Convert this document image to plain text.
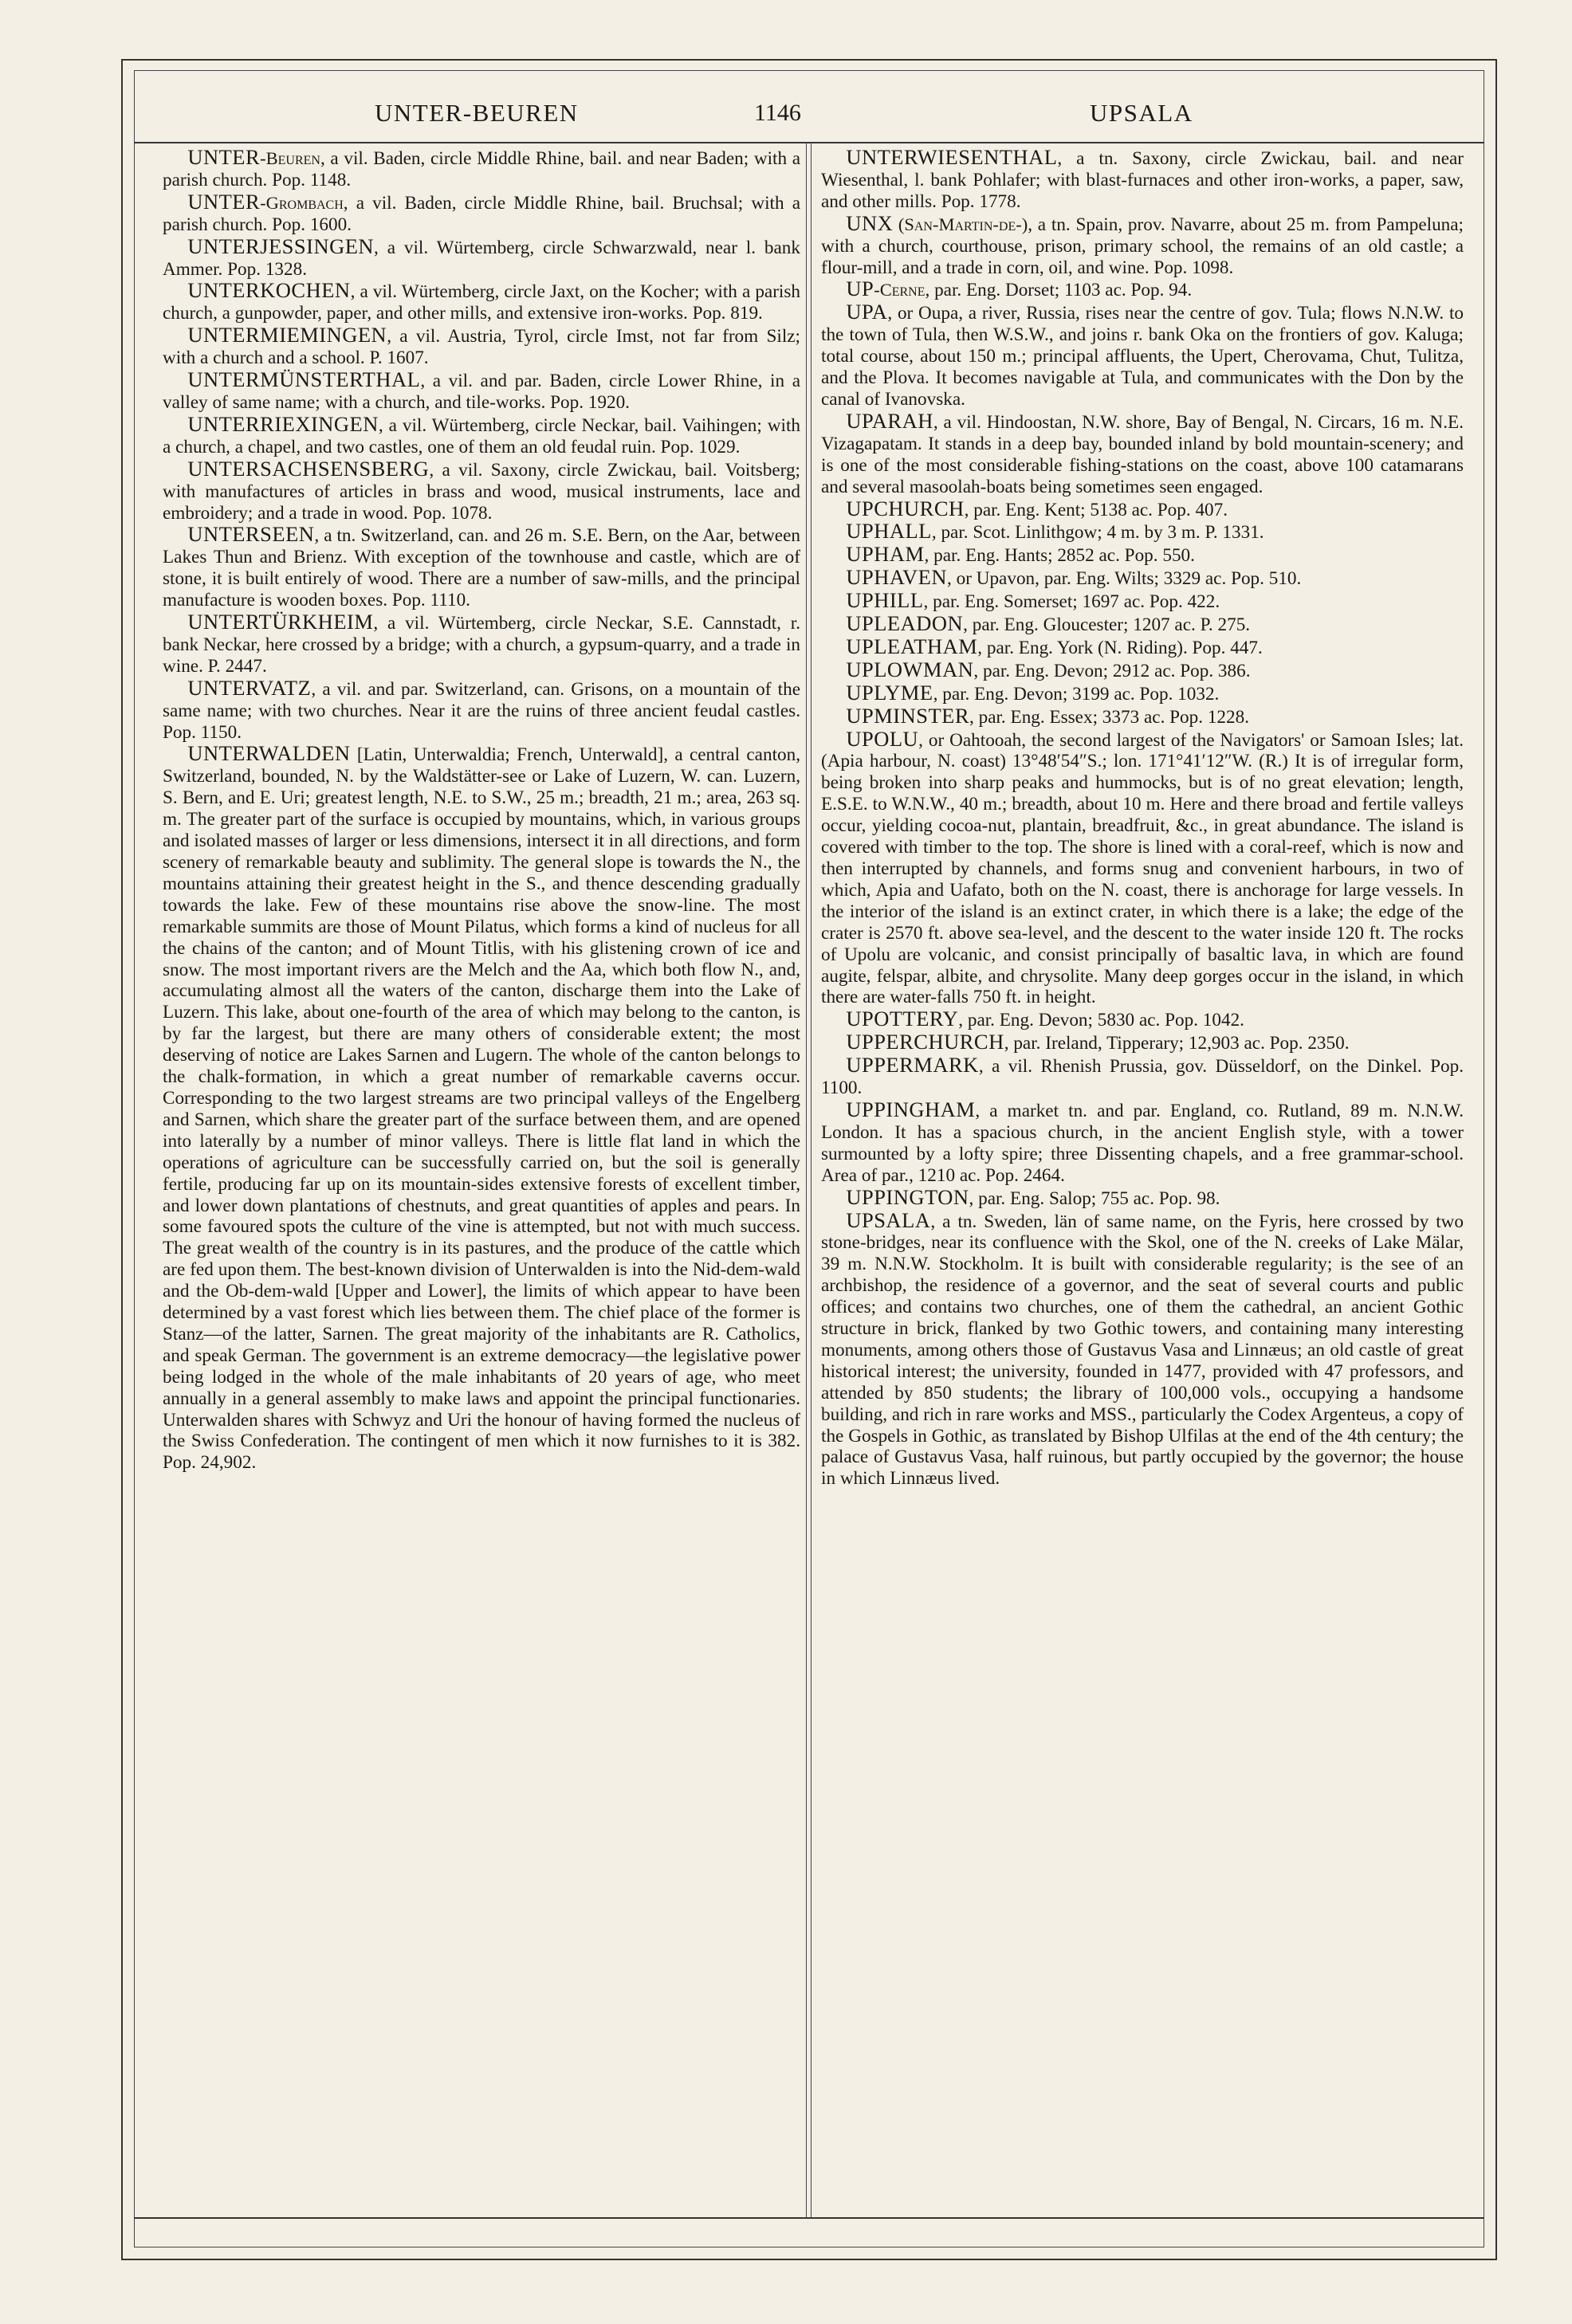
UNTER-BEUREN	1146	UPSALA

UNTER-Beuren, a vil. Baden, circle Middle Rhine, bail. and near Baden; with a parish church. Pop. 1148.

UNTER-Grombach, a vil. Baden, circle Middle Rhine, bail. Bruchsal; with a parish church. Pop. 1600.

UNTERJESSINGEN, a vil. Würtemberg, circle Schwarzwald, near l. bank Ammer. Pop. 1328.

UNTERKOCHEN, a vil. Würtemberg, circle Jaxt, on the Kocher; with a parish church, a gunpowder, paper, and other mills, and extensive iron-works. Pop. 819.

UNTERMIEMINGEN, a vil. Austria, Tyrol, circle Imst, not far from Silz; with a church and a school. P. 1607.

UNTERMÜNSTERTHAL, a vil. and par. Baden, circle Lower Rhine, in a valley of same name; with a church, and tile-works. Pop. 1920.

UNTERRIEXINGEN, a vil. Würtemberg, circle Neckar, bail. Vaihingen; with a church, a chapel, and two castles, one of them an old feudal ruin. Pop. 1029.

UNTERSACHSENSBERG, a vil. Saxony, circle Zwickau, bail. Voitsberg; with manufactures of articles in brass and wood, musical instruments, lace and embroidery; and a trade in wood. Pop. 1078.

UNTERSEEN, a tn. Switzerland, can. and 26 m. S.E. Bern, on the Aar, between Lakes Thun and Brienz. With exception of the townhouse and castle, which are of stone, it is built entirely of wood. There are a number of saw-mills, and the principal manufacture is wooden boxes. Pop. 1110.

UNTERTÜRKHEIM, a vil. Würtemberg, circle Neckar, S.E. Cannstadt, r. bank Neckar, here crossed by a bridge; with a church, a gypsum-quarry, and a trade in wine. P. 2447.

UNTERVATZ, a vil. and par. Switzerland, can. Grisons, on a mountain of the same name; with two churches. Near it are the ruins of three ancient feudal castles. Pop. 1150.

UNTERWALDEN [Latin, Unterwaldia; French, Unterwald], a central canton, Switzerland, bounded, N. by the Waldstätter-see or Lake of Luzern, W. can. Luzern, S. Bern, and E. Uri; greatest length, N.E. to S.W., 25 m.; breadth, 21 m.; area, 263 sq. m. The greater part of the surface is occupied by mountains, which, in various groups and isolated masses of larger or less dimensions, intersect it in all directions, and form scenery of remarkable beauty and sublimity. The general slope is towards the N., the mountains attaining their greatest height in the S., and thence descending gradually towards the lake. Few of these mountains rise above the snow-line. The most remarkable summits are those of Mount Pilatus, which forms a kind of nucleus for all the chains of the canton; and of Mount Titlis, with his glistening crown of ice and snow. The most important rivers are the Melch and the Aa, which both flow N., and, accumulating almost all the waters of the canton, discharge them into the Lake of Luzern. This lake, about one-fourth of the area of which may belong to the canton, is by far the largest, but there are many others of considerable extent; the most deserving of notice are Lakes Sarnen and Lugern. The whole of the canton belongs to the chalk-formation, in which a great number of remarkable caverns occur. Corresponding to the two largest streams are two principal valleys of the Engelberg and Sarnen, which share the greater part of the surface between them, and are opened into laterally by a number of minor valleys. There is little flat land in which the operations of agriculture can be successfully carried on, but the soil is generally fertile, producing far up on its mountain-sides extensive forests of excellent timber, and lower down plantations of chestnuts, and great quantities of apples and pears. In some favoured spots the culture of the vine is attempted, but not with much success. The great wealth of the country is in its pastures, and the produce of the cattle which are fed upon them. The best-known division of Unterwalden is into the Nid-dem-wald and the Ob-dem-wald [Upper and Lower], the limits of which appear to have been determined by a vast forest which lies between them. The chief place of the former is Stanz—of the latter, Sarnen. The great majority of the inhabitants are R. Catholics, and speak German. The government is an extreme democracy—the legislative power being lodged in the whole of the male inhabitants of 20 years of age, who meet annually in a general assembly to make laws and appoint the principal functionaries. Unterwalden shares with Schwyz and Uri the honour of having formed the nucleus of the Swiss Confederation. The contingent of men which it now furnishes to it is 382. Pop. 24,902.

UNTERWIESENTHAL, a tn. Saxony, circle Zwickau, bail. and near Wiesenthal, l. bank Pohlafer; with blast-furnaces and other iron-works, a paper, saw, and other mills. Pop. 1778.

UNX (San-Martin-de-), a tn. Spain, prov. Navarre, about 25 m. from Pampeluna; with a church, courthouse, prison, primary school, the remains of an old castle; a flour-mill, and a trade in corn, oil, and wine. Pop. 1098.

UP-Cerne, par. Eng. Dorset; 1103 ac. Pop. 94.

UPA, or Oupa, a river, Russia, rises near the centre of gov. Tula; flows N.N.W. to the town of Tula, then W.S.W., and joins r. bank Oka on the frontiers of gov. Kaluga; total course, about 150 m.; principal affluents, the Upert, Cherovama, Chut, Tulitza, and the Plova. It becomes navigable at Tula, and communicates with the Don by the canal of Ivanovska.

UPARAH, a vil. Hindoostan, N.W. shore, Bay of Bengal, N. Circars, 16 m. N.E. Vizagapatam. It stands in a deep bay, bounded inland by bold mountain-scenery; and is one of the most considerable fishing-stations on the coast, above 100 catamarans and several masoolah-boats being sometimes seen engaged.

UPCHURCH, par. Eng. Kent; 5138 ac. Pop. 407.

UPHALL, par. Scot. Linlithgow; 4 m. by 3 m. P. 1331.

UPHAM, par. Eng. Hants; 2852 ac. Pop. 550.

UPHAVEN, or Upavon, par. Eng. Wilts; 3329 ac. Pop. 510.

UPHILL, par. Eng. Somerset; 1697 ac. Pop. 422.

UPLEADON, par. Eng. Gloucester; 1207 ac. P. 275.

UPLEATHAM, par. Eng. York (N. Riding). Pop. 447.

UPLOWMAN, par. Eng. Devon; 2912 ac. Pop. 386.

UPLYME, par. Eng. Devon; 3199 ac. Pop. 1032.

UPMINSTER, par. Eng. Essex; 3373 ac. Pop. 1228.

UPOLU, or Oahtooah, the second largest of the Navigators' or Samoan Isles; lat. (Apia harbour, N. coast) 13°48′54″S.; lon. 171°41′12″W. (R.) It is of irregular form, being broken into sharp peaks and hummocks, but is of no great elevation; length, E.S.E. to W.N.W., 40 m.; breadth, about 10 m. Here and there broad and fertile valleys occur, yielding cocoa-nut, plantain, breadfruit, &c., in great abundance. The island is covered with timber to the top. The shore is lined with a coral-reef, which is now and then interrupted by channels, and forms snug and convenient harbours, in two of which, Apia and Uafato, both on the N. coast, there is anchorage for large vessels. In the interior of the island is an extinct crater, in which there is a lake; the edge of the crater is 2570 ft. above sea-level, and the descent to the water inside 120 ft. The rocks of Upolu are volcanic, and consist principally of basaltic lava, in which are found augite, felspar, albite, and chrysolite. Many deep gorges occur in the island, in which there are water-falls 750 ft. in height.

UPOTTERY, par. Eng. Devon; 5830 ac. Pop. 1042.

UPPERCHURCH, par. Ireland, Tipperary; 12,903 ac. Pop. 2350.

UPPERMARK, a vil. Rhenish Prussia, gov. Düsseldorf, on the Dinkel. Pop. 1100.

UPPINGHAM, a market tn. and par. England, co. Rutland, 89 m. N.N.W. London. It has a spacious church, in the ancient English style, with a tower surmounted by a lofty spire; three Dissenting chapels, and a free grammar-school. Area of par., 1210 ac. Pop. 2464.

UPPINGTON, par. Eng. Salop; 755 ac. Pop. 98.

UPSALA, a tn. Sweden, län of same name, on the Fyris, here crossed by two stone-bridges, near its confluence with the Skol, one of the N. creeks of Lake Mälar, 39 m. N.N.W. Stockholm. It is built with considerable regularity; is the see of an archbishop, the residence of a governor, and the seat of several courts and public offices; and contains two churches, one of them the cathedral, an ancient Gothic structure in brick, flanked by two Gothic towers, and containing many interesting monuments, among others those of Gustavus Vasa and Linnæus; an old castle of great historical interest; the university, founded in 1477, provided with 47 professors, and attended by 850 students; the library of 100,000 vols., occupying a handsome building, and rich in rare works and MSS., particularly the Codex Argenteus, a copy of the Gospels in Gothic, as translated by Bishop Ulfilas at the end of the 4th century; the palace of Gustavus Vasa, half ruinous, but partly occupied by the governor; the house in which Linnæus lived.
